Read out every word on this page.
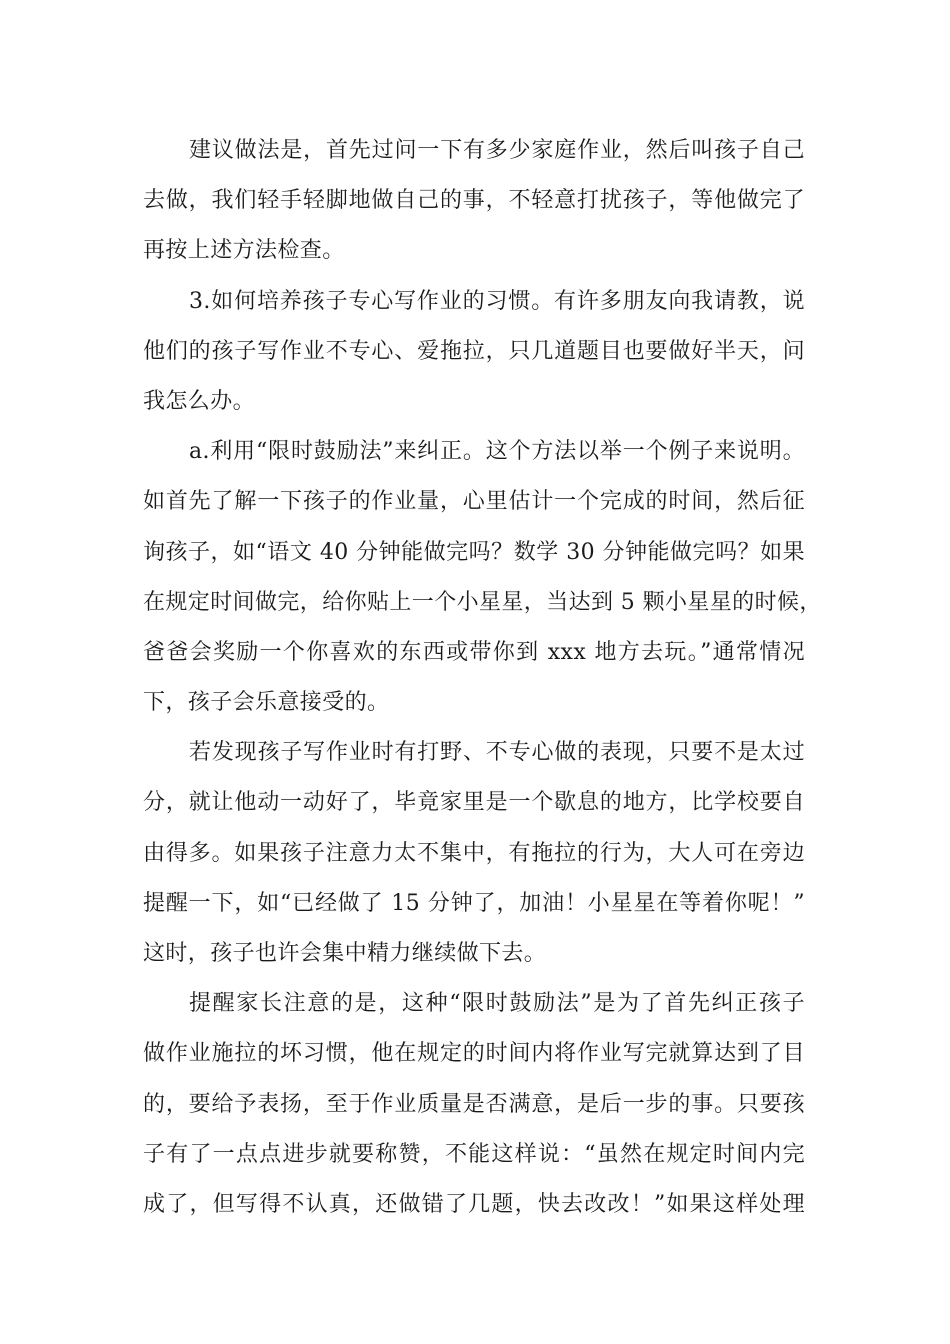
建议做法是，首先过问一下有多少家庭作业，然后叫孩子自己
去做，我们轻手轻脚地做自己的事，不轻意打扰孩子，等他做完了
再按上述方法检查。
3.如何培养孩子专心写作业的习惯。有许多朋友向我请教，说
他们的孩子写作业不专心、爱拖拉，只几道题目也要做好半天，问
我怎么办。
a.利用“限时鼓励法”来纠正。这个方法以举一个例子来说明。
如首先了解一下孩子的作业量，心里估计一个完成的时间，然后征
询孩子，如“语文 40 分钟能做完吗？数学 30 分钟能做完吗？如果
在规定时间做完，给你贴上一个小星星，当达到 5 颗小星星的时候，
爸爸会奖励一个你喜欢的东西或带你到 xxx 地方去玩。”通常情况
下，孩子会乐意接受的。
若发现孩子写作业时有打野、不专心做的表现，只要不是太过
分，就让他动一动好了，毕竟家里是一个歇息的地方，比学校要自
由得多。如果孩子注意力太不集中，有拖拉的行为，大人可在旁边
提醒一下，如“已经做了 15 分钟了，加油！小星星在等着你呢！”
这时，孩子也许会集中精力继续做下去。
提醒家长注意的是，这种“限时鼓励法”是为了首先纠正孩子
做作业施拉的坏习惯，他在规定的时间内将作业写完就算达到了目
的，要给予表扬，至于作业质量是否满意，是后一步的事。只要孩
子有了一点点进步就要称赞，不能这样说：“虽然在规定时间内完
成了，但写得不认真，还做错了几题，快去改改！”如果这样处理
